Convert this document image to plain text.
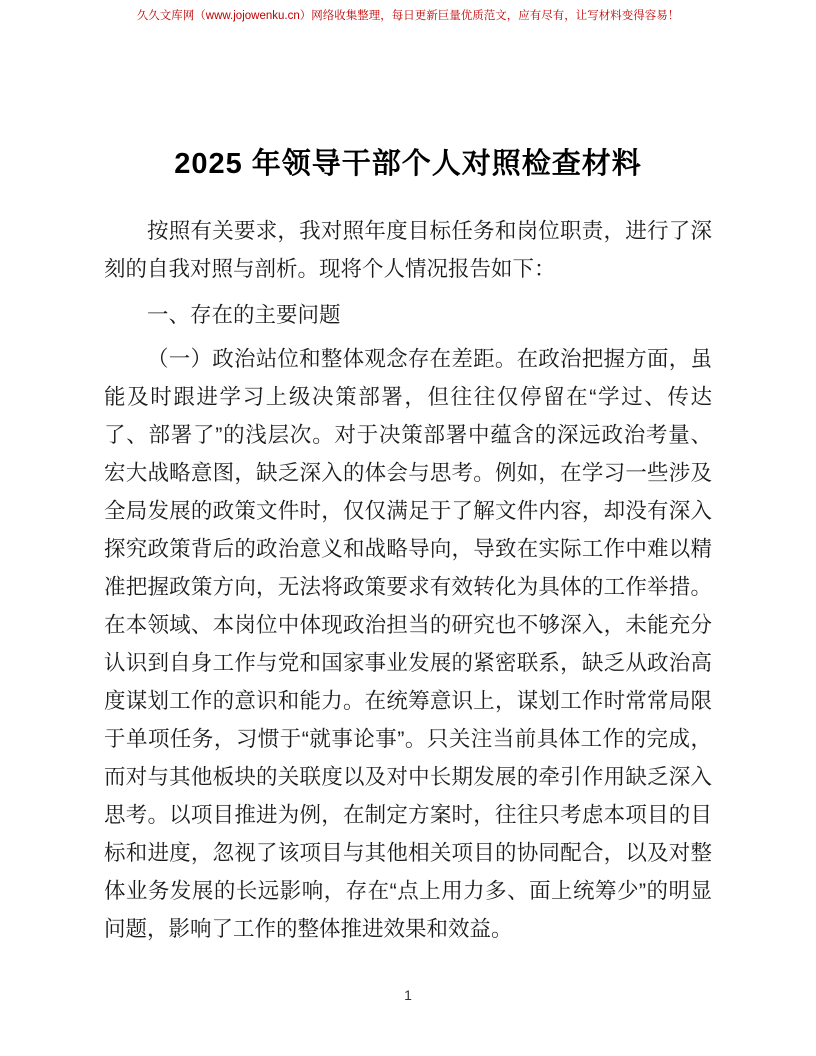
久久文库网（www.jojowenku.cn）网络收集整理，每日更新巨量优质范文，应有尽有，让写材料变得容易！
2025 年领导干部个人对照检查材料

按照有关要求，我对照年度目标任务和岗位职责，进行了深刻的自我对照与剖析。现将个人情况报告如下：

一、存在的主要问题

（一）政治站位和整体观念存在差距。在政治把握方面，虽能及时跟进学习上级决策部署，但往往仅停留在“学过、传达了、部署了”的浅层次。对于决策部署中蕴含的深远政治考量、宏大战略意图，缺乏深入的体会与思考。例如，在学习一些涉及全局发展的政策文件时，仅仅满足于了解文件内容，却没有深入探究政策背后的政治意义和战略导向，导致在实际工作中难以精准把握政策方向，无法将政策要求有效转化为具体的工作举措。在本领域、本岗位中体现政治担当的研究也不够深入，未能充分认识到自身工作与党和国家事业发展的紧密联系，缺乏从政治高度谋划工作的意识和能力。在统筹意识上，谋划工作时常常局限于单项任务，习惯于“就事论事”。只关注当前具体工作的完成，而对与其他板块的关联度以及对中长期发展的牵引作用缺乏深入思考。以项目推进为例，在制定方案时，往往只考虑本项目的目标和进度，忽视了该项目与其他相关项目的协同配合，以及对整体业务发展的长远影响，存在“点上用力多、面上统筹少”的明显问题，影响了工作的整体推进效果和效益。

1
